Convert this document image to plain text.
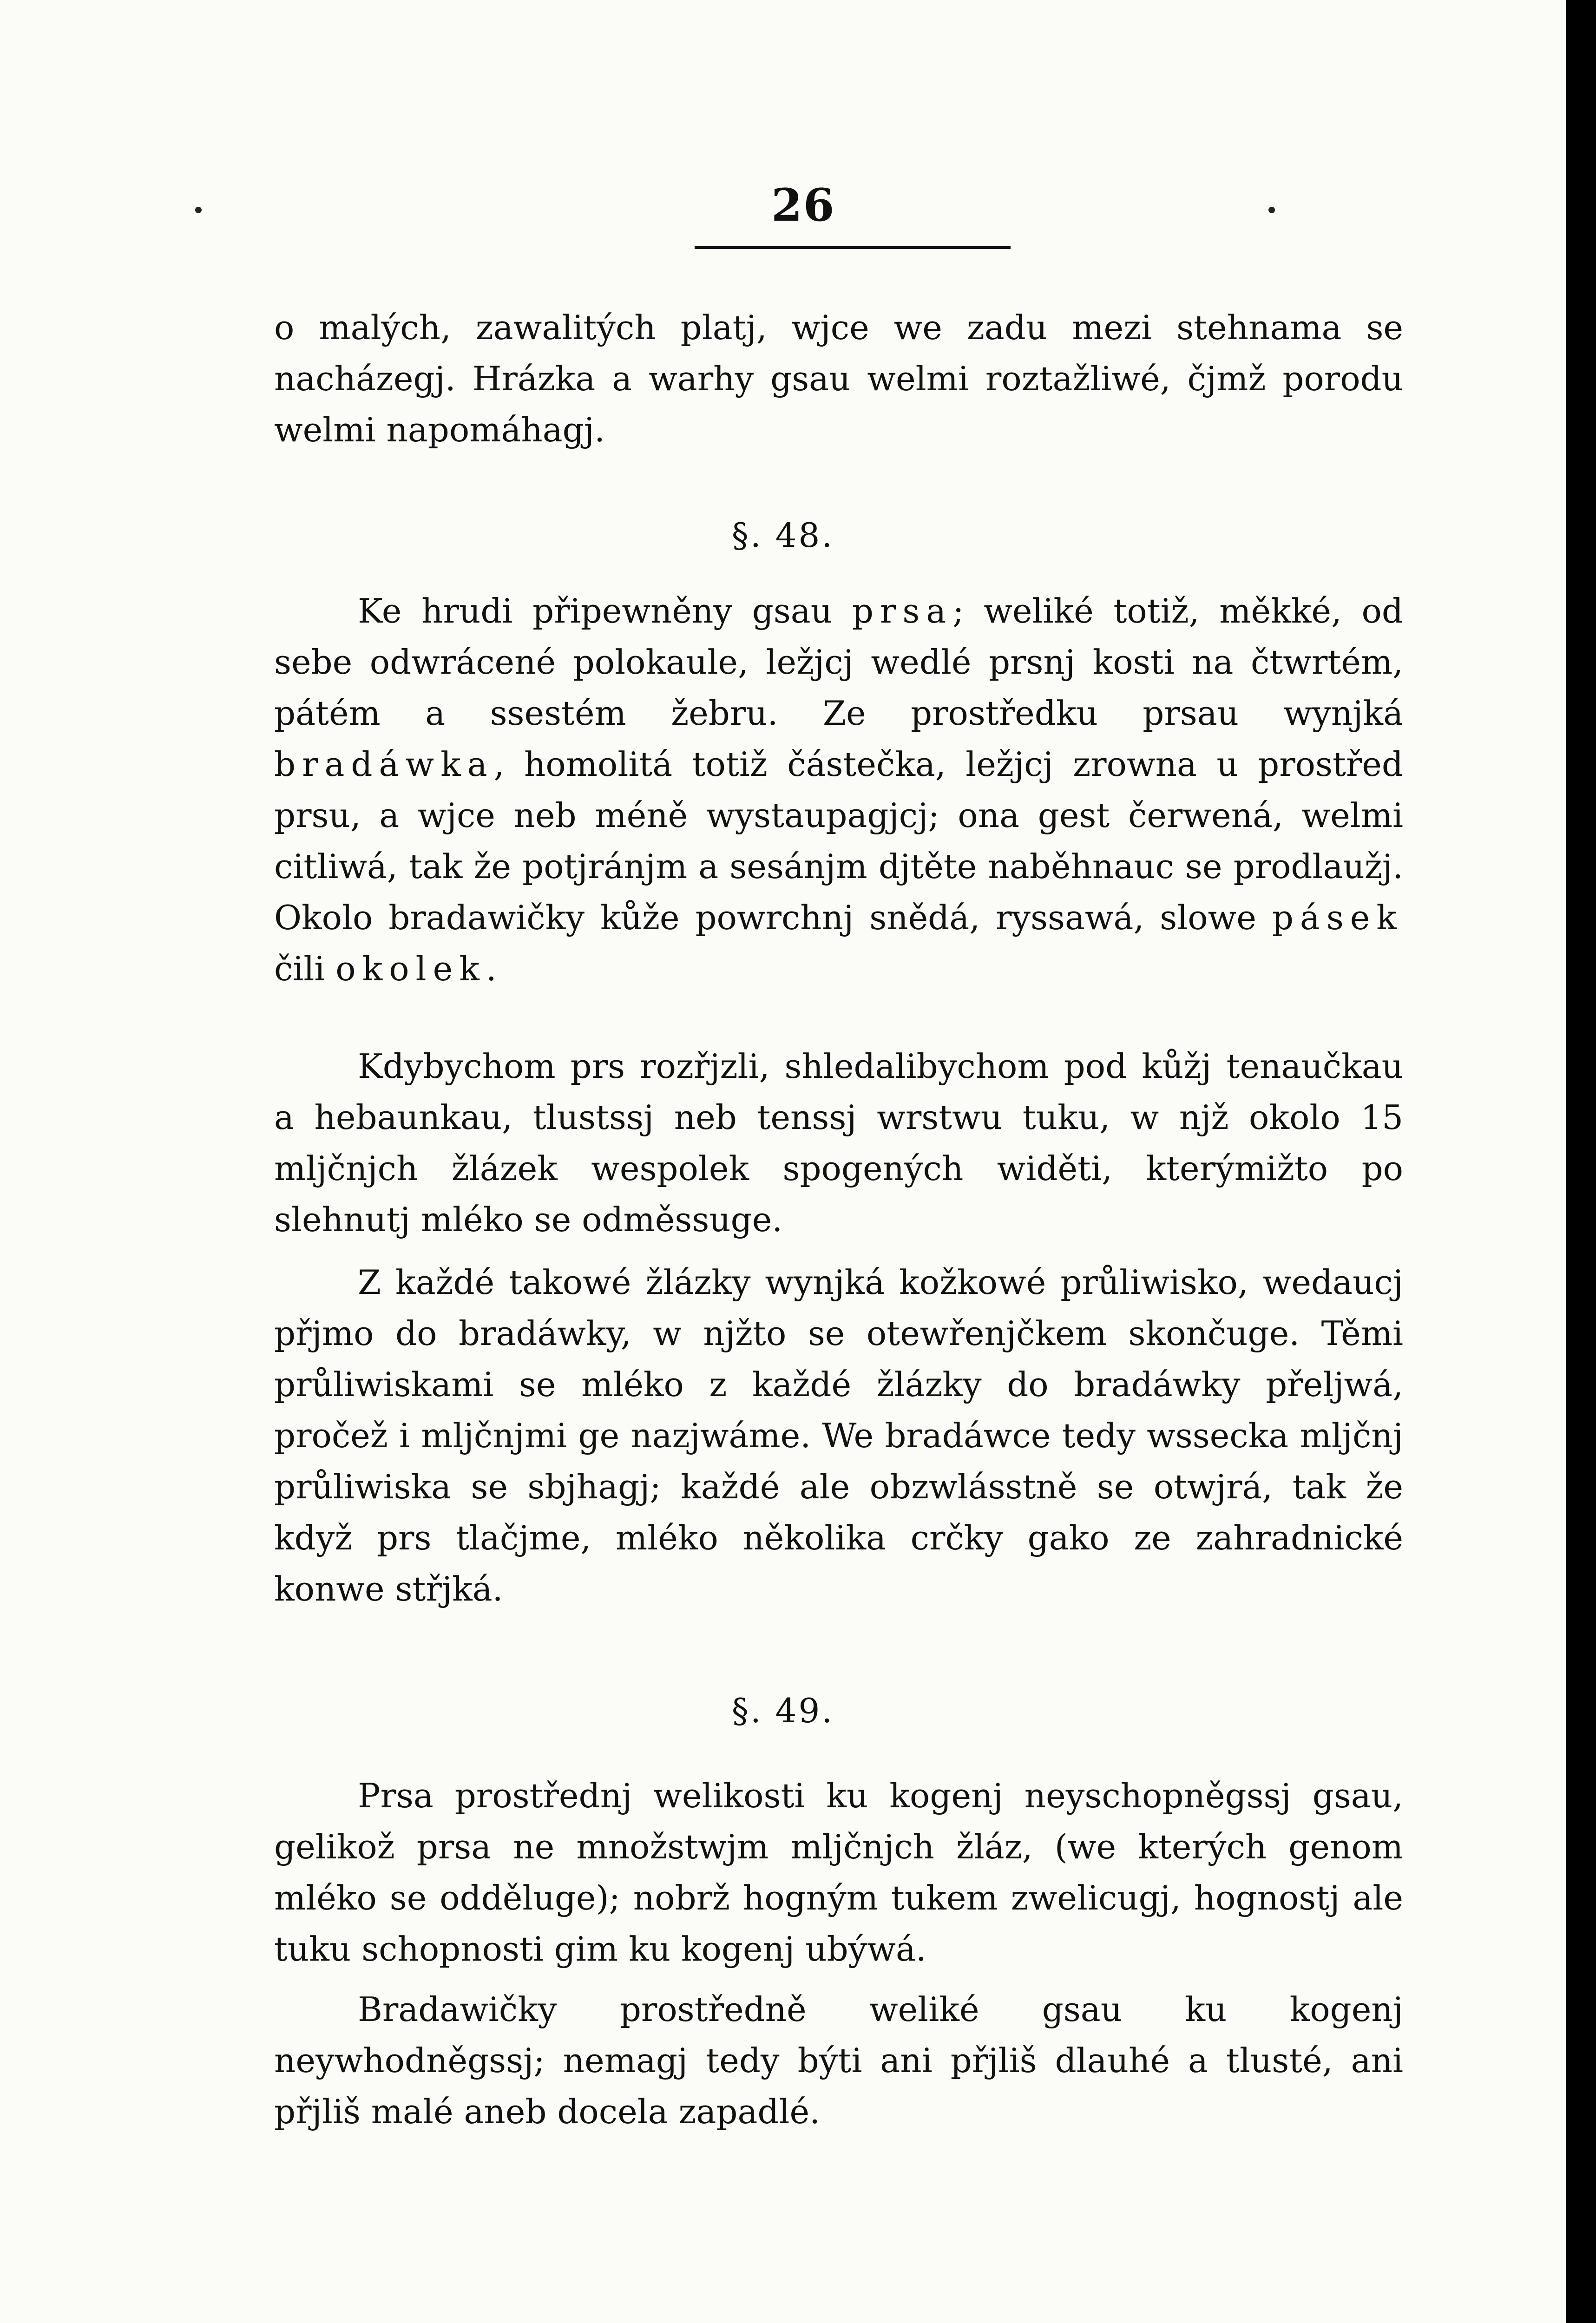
26

o malých, zawalitých platj, wjce we zadu mezi stehnama se nacházegj. Hrázka a warhy gsau welmi roztažliwé, čjmž porodu welmi napomáhagj.

§. 48.

Ke hrudi připewněny gsau prsa; weliké totiž, měkké, od sebe odwrácené polokaule, ležjcj wedlé prsnj kosti na čtwrtém, pátém a ssestém žebru. Ze prostředku prsau wynjká bradáwka, homolitá totiž částečka, ležjcj zrowna u prostřed prsu, a wjce neb méně wystaupagjcj; ona gest čerwená, welmi citliwá, tak že potjránjm a sesánjm djtěte naběhnauc se prodlaužj. Okolo bradawičky kůže powrchnj snědá, ryssawá, slowe pásek čili okolek.

Kdybychom prs rozřjzli, shledalibychom pod kůžj tenaučkau a hebaunkau, tlustssj neb tenssj wrstwu tuku, w njž okolo 15 mljčnjch žlázek wespolek spogených widěti, kterýmižto po slehnutj mléko se odměssuge.

Z každé takowé žlázky wynjká kožkowé průliwisko, wedaucj přjmo do bradáwky, w njžto se otewřenjčkem skončuge. Těmi průliwiskami se mléko z každé žlázky do bradáwky přeljwá, pročež i mljčnjmi ge nazjwáme. We bradáwce tedy wssecka mljčnj průliwiska se sbjhagj; každé ale obzwlásstně se otwjrá, tak že když prs tlačjme, mléko několika crčky gako ze zahradnické konwe střjká.

§. 49.

Prsa prostřednj welikosti ku kogenj neyschopněgssj gsau, gelikož prsa ne množstwjm mljčnjch žláz, (we kterých genom mléko se odděluge); nobrž hogným tukem zwelicugj, hognostj ale tuku schopnosti gim ku kogenj ubýwá.

Bradawičky prostředně weliké gsau ku kogenj neywhodněgssj; nemagj tedy býti ani přjliš dlauhé a tlusté, ani přjliš malé aneb docela zapadlé.
